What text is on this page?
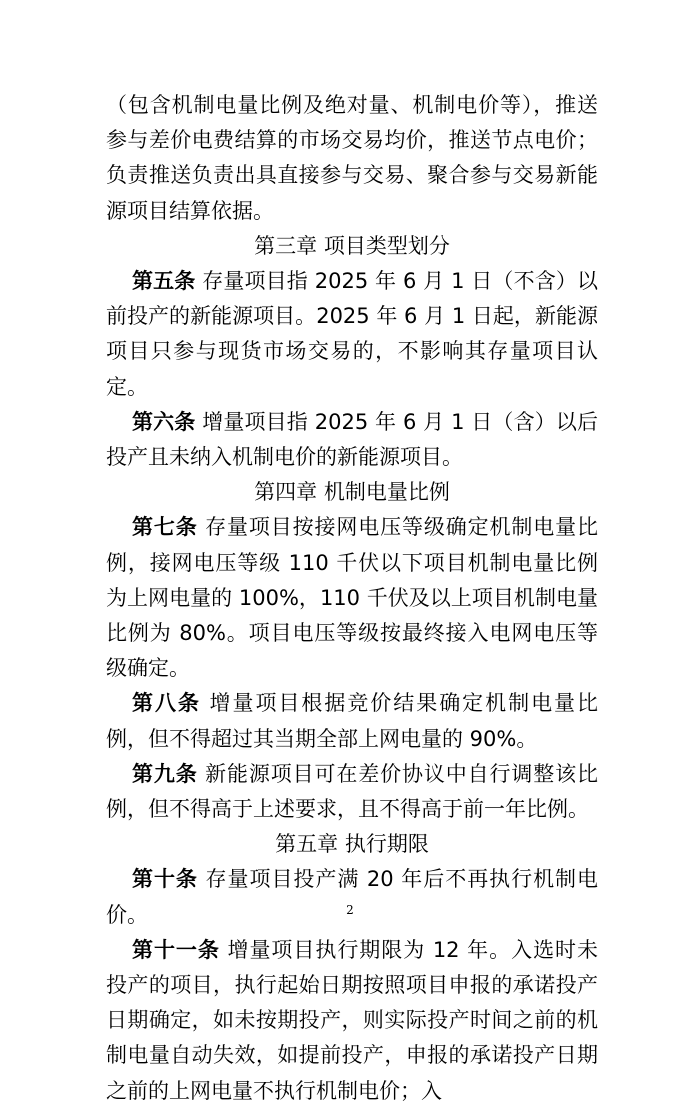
（包含机制电量比例及绝对量、机制电价等），推送参与差价电费结算的市场交易均价，推送节点电价；负责推送负责出具直接参与交易、聚合参与交易新能源项目结算依据。

第三章 项目类型划分

第五条 存量项目指 2025 年 6 月 1 日（不含）以前投产的新能源项目。2025 年 6 月 1 日起，新能源项目只参与现货市场交易的，不影响其存量项目认定。

第六条 增量项目指 2025 年 6 月 1 日（含）以后投产且未纳入机制电价的新能源项目。

第四章 机制电量比例

第七条 存量项目按接网电压等级确定机制电量比例，接网电压等级 110 千伏以下项目机制电量比例为上网电量的 100%，110 千伏及以上项目机制电量比例为 80%。项目电压等级按最终接入电网电压等级确定。

第八条 增量项目根据竞价结果确定机制电量比例，但不得超过其当期全部上网电量的 90%。

第九条 新能源项目可在差价协议中自行调整该比例，但不得高于上述要求，且不得高于前一年比例。

第五章 执行期限

第十条 存量项目投产满 20 年后不再执行机制电价。

第十一条 增量项目执行期限为 12 年。入选时未投产的项目，执行起始日期按照项目申报的承诺投产日期确定，如未按期投产，则实际投产时间之前的机制电量自动失效，如提前投产，申报的承诺投产日期之前的上网电量不执行机制电价；入

2
